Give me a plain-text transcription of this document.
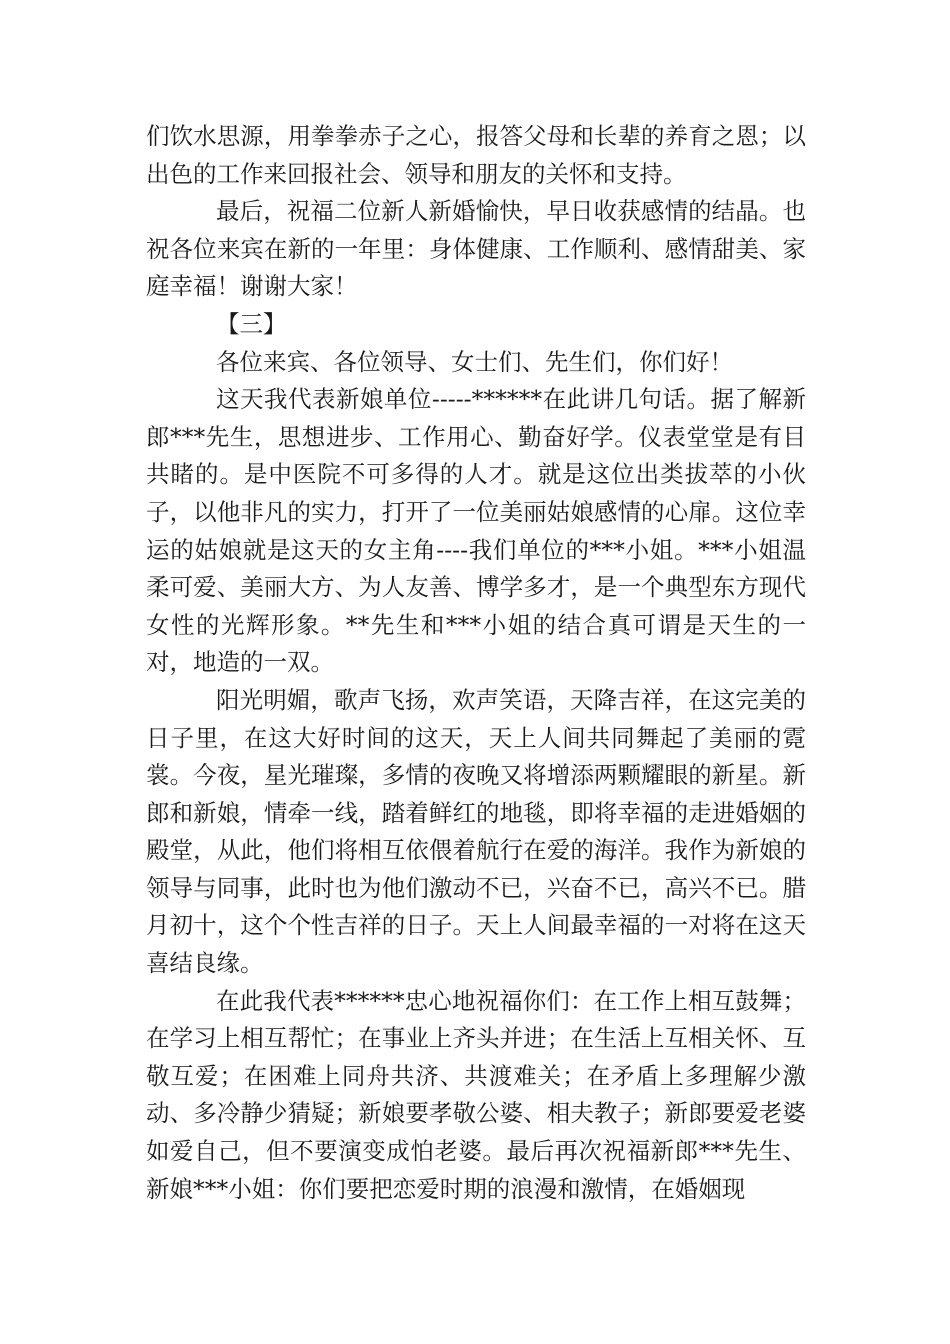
们饮水思源，用拳拳赤子之心，报答父母和长辈的养育之恩；以出色的工作来回报社会、领导和朋友的关怀和支持。

最后，祝福二位新人新婚愉快，早日收获感情的结晶。也祝各位来宾在新的一年里：身体健康、工作顺利、感情甜美、家庭幸福！谢谢大家！

【三】

各位来宾、各位领导、女士们、先生们，你们好！

这天我代表新娘单位-----******在此讲几句话。据了解新郎***先生，思想进步、工作用心、勤奋好学。仪表堂堂是有目共睹的。是中医院不可多得的人才。就是这位出类拔萃的小伙子，以他非凡的实力，打开了一位美丽姑娘感情的心扉。这位幸运的姑娘就是这天的女主角----我们单位的***小姐。***小姐温柔可爱、美丽大方、为人友善、博学多才，是一个典型东方现代女性的光辉形象。**先生和***小姐的结合真可谓是天生的一对，地造的一双。

阳光明媚，歌声飞扬，欢声笑语，天降吉祥，在这完美的日子里，在这大好时间的这天，天上人间共同舞起了美丽的霓裳。今夜，星光璀璨，多情的夜晚又将增添两颗耀眼的新星。新郎和新娘，情牵一线，踏着鲜红的地毯，即将幸福的走进婚姻的殿堂，从此，他们将相互依偎着航行在爱的海洋。我作为新娘的领导与同事，此时也为他们激动不已，兴奋不已，高兴不已。腊月初十，这个个性吉祥的日子。天上人间最幸福的一对将在这天喜结良缘。

在此我代表******忠心地祝福你们：在工作上相互鼓舞；在学习上相互帮忙；在事业上齐头并进；在生活上互相关怀、互敬互爱；在困难上同舟共济、共渡难关；在矛盾上多理解少激动、多冷静少猜疑；新娘要孝敬公婆、相夫教子；新郎要爱老婆如爱自己，但不要演变成怕老婆。最后再次祝福新郎***先生、新娘***小姐：你们要把恋爱时期的浪漫和激情，在婚姻现
